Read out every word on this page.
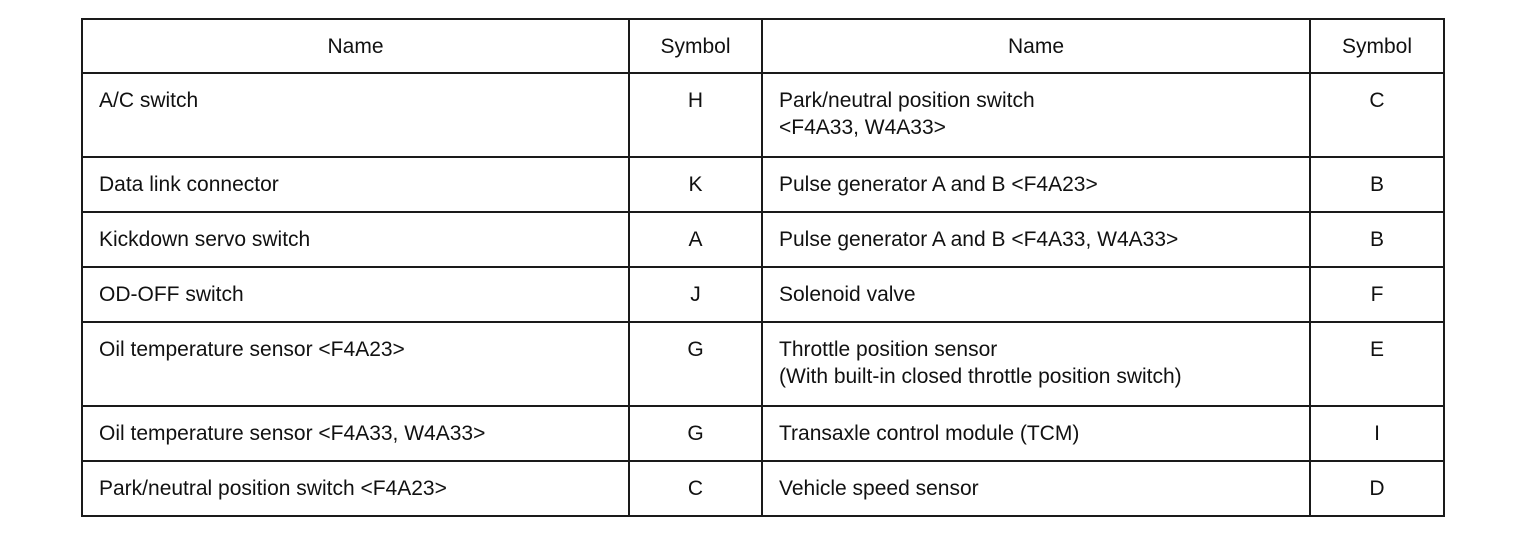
Name	Symbol	Name	Symbol

A/C switch	H	Park/neutral position switch
<F4A33, W4A33>	C

Data link connector	K	Pulse generator A and B <F4A23>	B

Kickdown servo switch	A	Pulse generator A and B <F4A33, W4A33>	B

OD-OFF switch	J	Solenoid valve	F

Oil temperature sensor <F4A23>	G	Throttle position sensor
(With built-in closed throttle position switch)	E

Oil temperature sensor <F4A33, W4A33>	G	Transaxle control module (TCM)	I

Park/neutral position switch <F4A23>	C	Vehicle speed sensor	D
